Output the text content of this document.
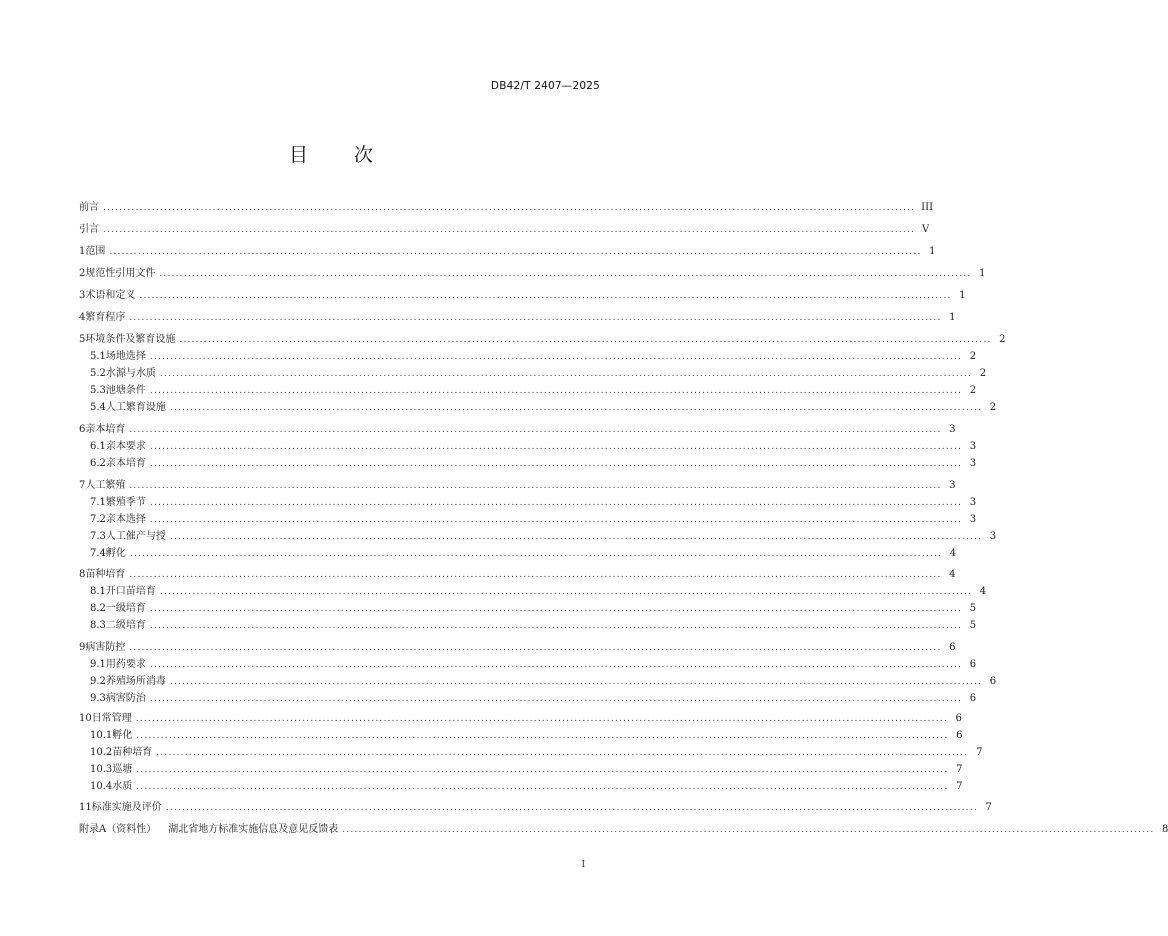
DB42/T 2407—2025
目 次
前言 ........................................................................................................................................................................................................ III
引言 ........................................................................................................................................................................................................ V
1 范围 ........................................................................................................................................................................................................ 1
2 规范性引用文件 ........................................................................................................................................................................................................ 1
3 术语和定义 ........................................................................................................................................................................................................ 1
4 繁育程序 ........................................................................................................................................................................................................ 1
5 环境条件及繁育设施 ........................................................................................................................................................................................................ 2
5.1 场地选择 ........................................................................................................................................................................................................ 2
5.2 水源与水质 ........................................................................................................................................................................................................ 2
5.3 池塘条件 ........................................................................................................................................................................................................ 2
5.4 人工繁育设施 ........................................................................................................................................................................................................ 2
6 亲本培育 ........................................................................................................................................................................................................ 3
6.1 亲本要求 ........................................................................................................................................................................................................ 3
6.2 亲本培育 ........................................................................................................................................................................................................ 3
7 人工繁殖 ........................................................................................................................................................................................................ 3
7.1 繁殖季节 ........................................................................................................................................................................................................ 3
7.2 亲本选择 ........................................................................................................................................................................................................ 3
7.3 人工催产与授 ........................................................................................................................................................................................................ 3
7.4 孵化 ........................................................................................................................................................................................................ 4
8 苗种培育 ........................................................................................................................................................................................................ 4
8.1 开口苗培育 ........................................................................................................................................................................................................ 4
8.2 一级培育 ........................................................................................................................................................................................................ 5
8.3 二级培育 ........................................................................................................................................................................................................ 5
9 病害防控 ........................................................................................................................................................................................................ 6
9.1 用药要求 ........................................................................................................................................................................................................ 6
9.2 养殖场所消毒 ........................................................................................................................................................................................................ 6
9.3 病害防治 ........................................................................................................................................................................................................ 6
10 日常管理 ........................................................................................................................................................................................................ 6
10.1 孵化 ........................................................................................................................................................................................................ 6
10.2 苗种培育 ........................................................................................................................................................................................................ 7
10.3 巡塘 ........................................................................................................................................................................................................ 7
10.4 水质 ........................................................................................................................................................................................................ 7
11 标准实施及评价 ........................................................................................................................................................................................................ 7
附录A（资料性） 湖北省地方标准实施信息及意见反馈表 ........................................................................................................................................................................................................ 8
I
